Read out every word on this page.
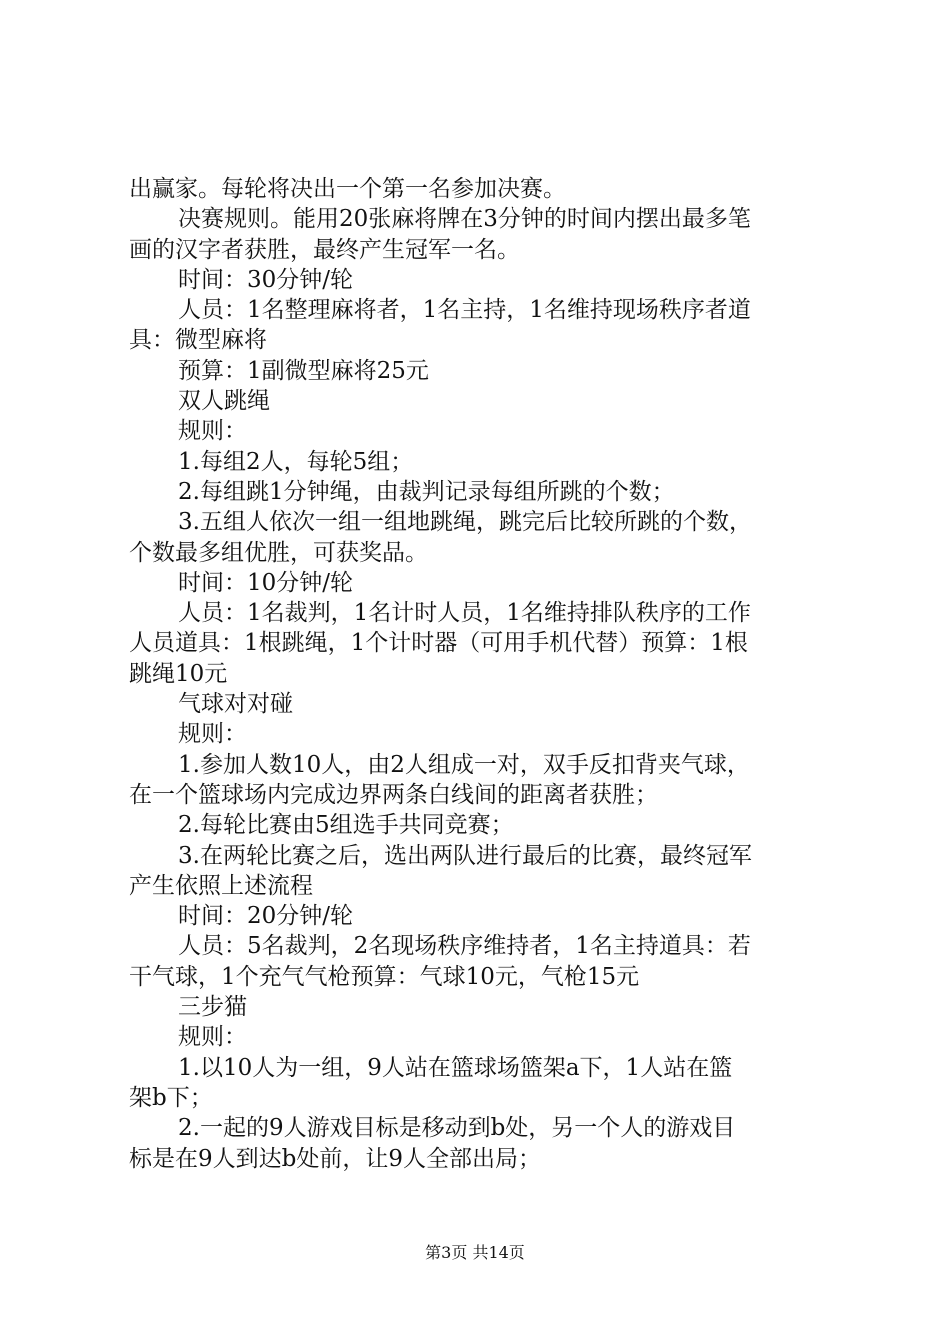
出赢家。每轮将决出一个第一名参加决赛。
决赛规则。能用20张麻将牌在3分钟的时间内摆出最多笔
画的汉字者获胜，最终产生冠军一名。
时间：30分钟/轮
人员：1名整理麻将者，1名主持，1名维持现场秩序者道
具：微型麻将
预算：1副微型麻将25元
双人跳绳
规则：
1.每组2人，每轮5组；
2.每组跳1分钟绳，由裁判记录每组所跳的个数；
3.五组人依次一组一组地跳绳，跳完后比较所跳的个数，
个数最多组优胜，可获奖品。
时间：10分钟/轮
人员：1名裁判，1名计时人员，1名维持排队秩序的工作
人员道具：1根跳绳，1个计时器（可用手机代替）预算：1根
跳绳10元
气球对对碰
规则：
1.参加人数10人，由2人组成一对，双手反扣背夹气球，
在一个篮球场内完成边界两条白线间的距离者获胜；
2.每轮比赛由5组选手共同竞赛；
3.在两轮比赛之后，选出两队进行最后的比赛，最终冠军
产生依照上述流程
时间：20分钟/轮
人员：5名裁判，2名现场秩序维持者，1名主持道具：若
干气球，1个充气气枪预算：气球10元，气枪15元
三步猫
规则：
1.以10人为一组，9人站在篮球场篮架a下，1人站在篮
架b下；
2.一起的9人游戏目标是移动到b处，另一个人的游戏目
标是在9人到达b处前，让9人全部出局；
第3页 共14页
